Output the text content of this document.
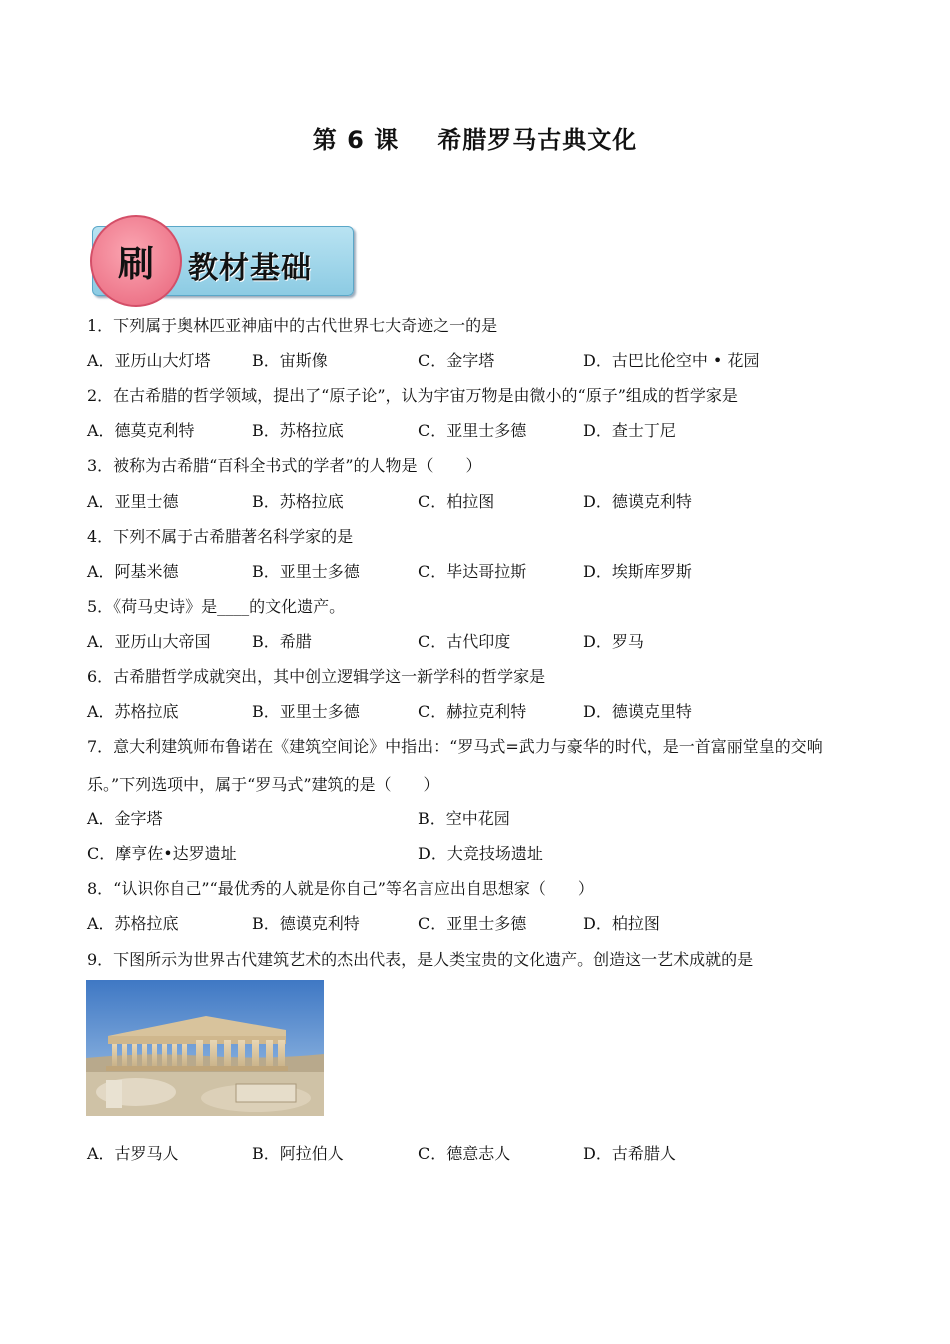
第 6 课 希腊罗马古典文化
刷	教材基础
1．下列属于奥林匹亚神庙中的古代世界七大奇迹之一的是
A．亚历山大灯塔	B．宙斯像	C．金字塔	D．古巴比伦空中 • 花园
2．在古希腊的哲学领域，提出了“原子论”，认为宇宙万物是由微小的“原子”组成的哲学家是
A．德莫克利特	B．苏格拉底	C．亚里士多德	D．查士丁尼
3．被称为古希腊“百科全书式的学者”的人物是（　　）
A．亚里士德	B．苏格拉底	C．柏拉图	D．德谟克利特
4．下列不属于古希腊著名科学家的是
A．阿基米德	B．亚里士多德	C．毕达哥拉斯	D．埃斯库罗斯
5．《荷马史诗》是____的文化遗产。
A．亚历山大帝国	B．希腊	C．古代印度	D．罗马
6．古希腊哲学成就突出，其中创立逻辑学这一新学科的哲学家是
A．苏格拉底	B．亚里士多德	C．赫拉克利特	D．德谟克里特
7．意大利建筑师布鲁诺在《建筑空间论》中指出：“罗马式=武力与豪华的时代，是一首富丽堂皇的交响
乐。”下列选项中，属于“罗马式”建筑的是（　　）
A．金字塔	B．空中花园
C．摩亨佐•达罗遗址	D．大竞技场遗址
8．“认识你自己”“最优秀的人就是你自己”等名言应出自思想家（　　）
A．苏格拉底	B．德谟克利特	C．亚里士多德	D．柏拉图
9．下图所示为世界古代建筑艺术的杰出代表，是人类宝贵的文化遗产。创造这一艺术成就的是
A．古罗马人	B．阿拉伯人	C．德意志人	D．古希腊人
